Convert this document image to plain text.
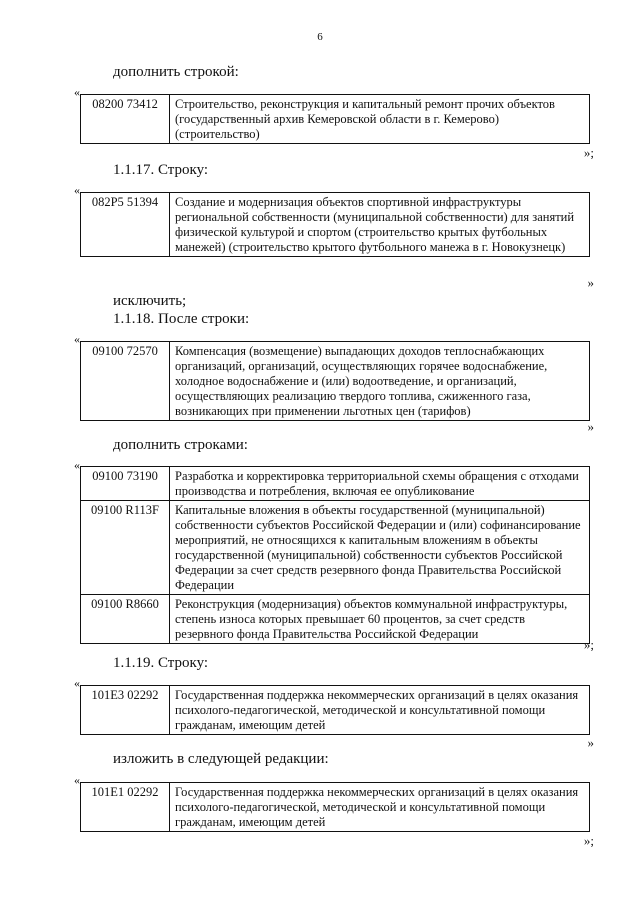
6
дополнить строкой:
«
08200 73412	Строительство, реконструкция и капитальный ремонт прочих объектов (государственный архив Кемеровской области в г. Кемерово) (строительство)
»;
1.1.17. Строку:
«
082P5 51394	Создание и модернизация объектов спортивной инфраструктуры региональной собственности (муниципальной собственности) для занятий физической культурой и спортом (строительство крытых футбольных манежей) (строительство крытого футбольного манежа в г. Новокузнецк)
»
исключить;
1.1.18. После строки:
«
09100 72570	Компенсация (возмещение) выпадающих доходов теплоснабжающих организаций, организаций, осуществляющих горячее водоснабжение, холодное водоснабжение и (или) водоотведение, и организаций, осуществляющих реализацию твердого топлива, сжиженного газа, возникающих при применении льготных цен (тарифов)
»
дополнить строками:
«
09100 73190	Разработка и корректировка территориальной схемы обращения с отходами производства и потребления, включая ее опубликование
09100 R113F	Капитальные вложения в объекты государственной (муниципальной) собственности субъектов Российской Федерации и (или) софинансирование мероприятий, не относящихся к капитальным вложениям в объекты государственной (муниципальной) собственности субъектов Российской Федерации за счет средств резервного фонда Правительства Российской Федерации
09100 R8660	Реконструкция (модернизация) объектов коммунальной инфраструктуры, степень износа которых превышает 60 процентов, за счет средств резервного фонда Правительства Российской Федерации
»;
1.1.19. Строку:
«
101E3 02292	Государственная поддержка некоммерческих организаций в целях оказания психолого-педагогической, методической и консультативной помощи гражданам, имеющим детей
»
изложить в следующей редакции:
«
101E1 02292	Государственная поддержка некоммерческих организаций в целях оказания психолого-педагогической, методической и консультативной помощи гражданам, имеющим детей
»;
